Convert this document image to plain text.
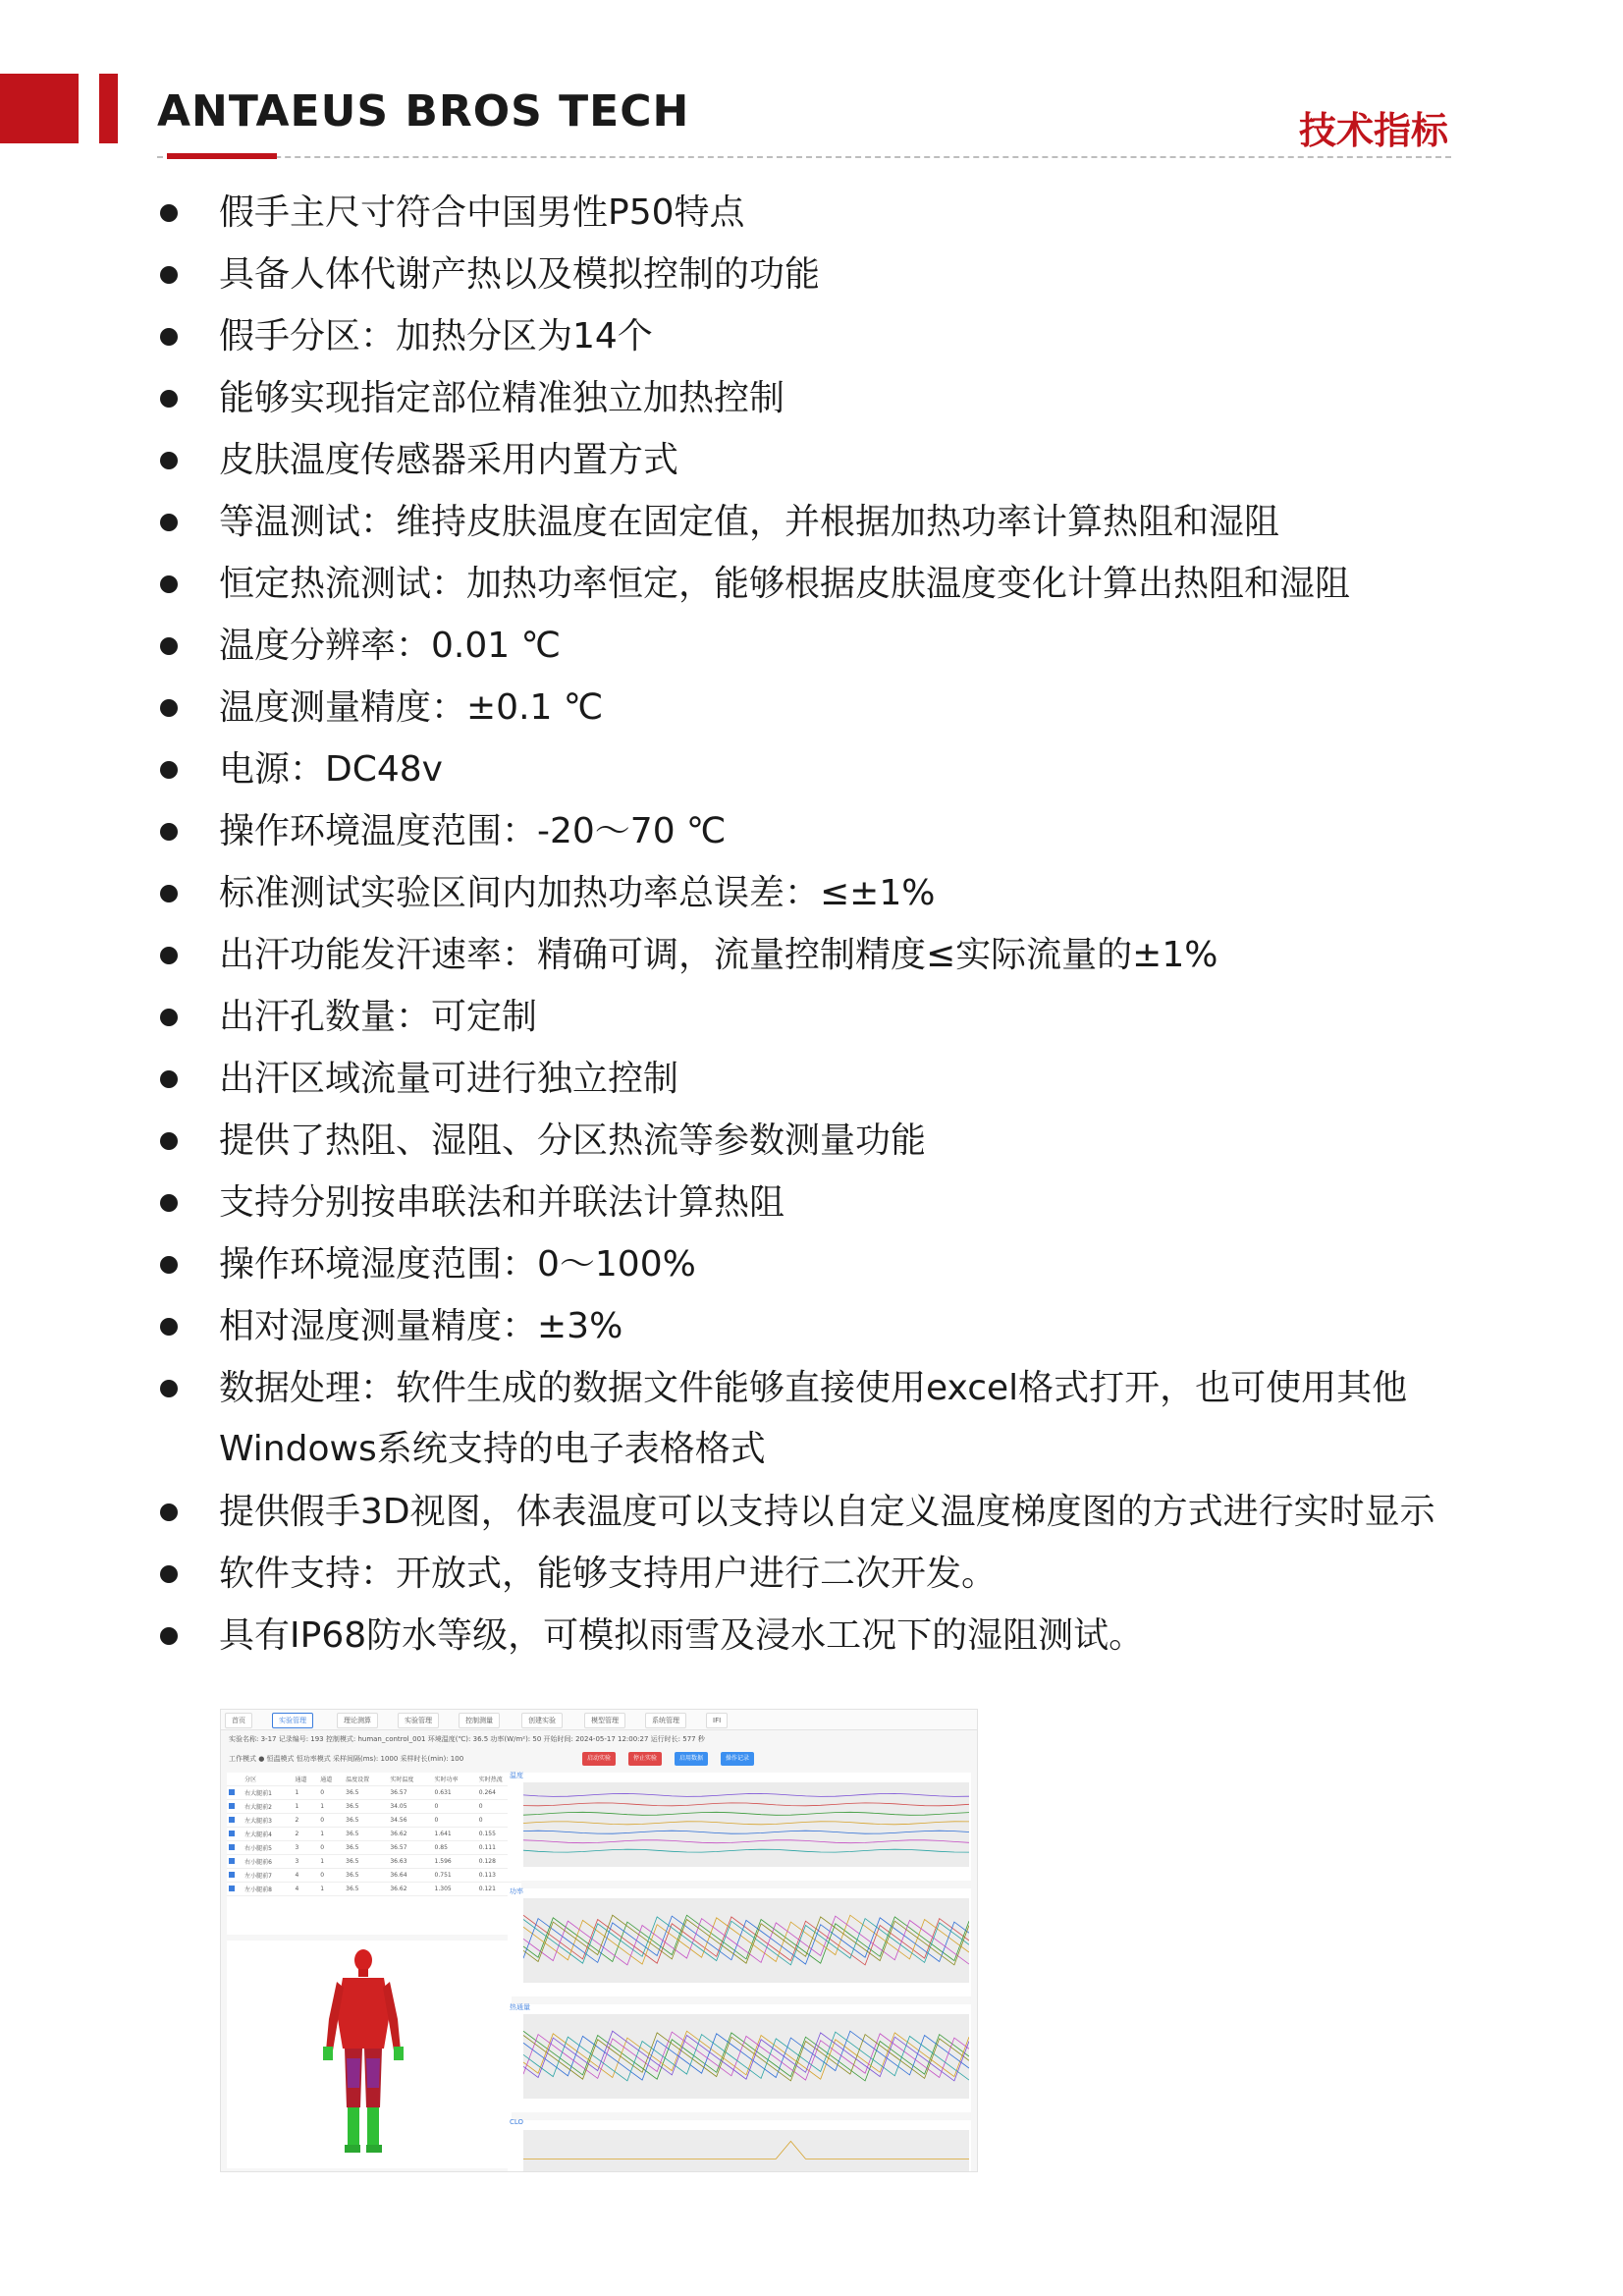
ANTAEUS BROS TECH	技术指标
假手主尺寸符合中国男性P50特点
具备人体代谢产热以及模拟控制的功能
假手分区：加热分区为14个
能够实现指定部位精准独立加热控制
皮肤温度传感器采用内置方式
等温测试：维持皮肤温度在固定值，并根据加热功率计算热阻和湿阻
恒定热流测试：加热功率恒定，能够根据皮肤温度变化计算出热阻和湿阻
温度分辨率：0.01 ℃
温度测量精度：±0.1 ℃
电源：DC48v
操作环境温度范围：-20～70 ℃
标准测试实验区间内加热功率总误差：≤±1%
出汗功能发汗速率：精确可调，流量控制精度≤实际流量的±1%
出汗孔数量：可定制
出汗区域流量可进行独立控制
提供了热阻、湿阻、分区热流等参数测量功能
支持分别按串联法和并联法计算热阻
操作环境湿度范围：0～100%
相对湿度测量精度：±3%
数据处理：软件生成的数据文件能够直接使用excel格式打开，也可使用其他
Windows系统支持的电子表格格式
提供假手3D视图，体表温度可以支持以自定义温度梯度图的方式进行实时显示
软件支持：开放式，能够支持用户进行二次开发。
具有IP68防水等级，可模拟雨雪及浸水工况下的湿阻测试。
首页	实验管理	理论测算	实验管理	控制测量	创建实验	模型管理	系统管理	IFI
实验名称: 3-17 记录编号: 193 控制模式: human_control_001 环境温度(℃): 36.5 功率(W/m²): 50 开始时间: 2024-05-17 12:00:27 运行时长: 577 秒
工作模式 ● 恒温模式 恒功率模式 采样间隔(ms): 1000 采样时长(min): 100	启动实验	停止实验	启用数据	操作记录
	分区	通道	通道	温度设置	实时温度	实时功率	实时热流
	右大腿前1	1	0	36.5	36.57	0.631	0.264
	右大腿前2	1	1	36.5	34.05	0	0
	左大腿前3	2	0	36.5	34.56	0	0
	左大腿前4	2	1	36.5	36.62	1.641	0.155
	右小腿前5	3	0	36.5	36.57	0.85	0.111
	右小腿前6	3	1	36.5	36.63	1.596	0.128
	左小腿前7	4	0	36.5	36.64	0.751	0.113
	左小腿前8	4	1	36.5	36.62	1.305	0.121
温度
功率
热通量
CLO
